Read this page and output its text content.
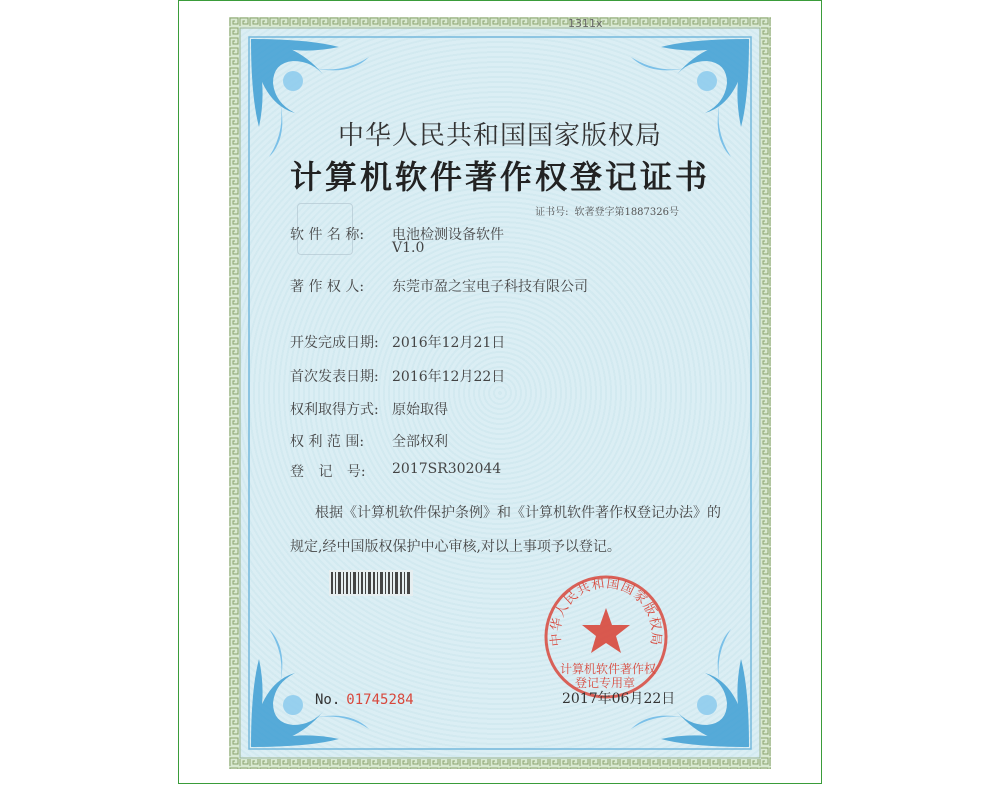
1311x
中华人民共和国国家版权局
计算机软件著作权登记证书
证书号: 软著登字第1887326号
软 件 名 称: 电池检测设备软件
V1.0
著 作 权 人: 东莞市盈之宝电子科技有限公司
开发完成日期: 2016年12月21日
首次发表日期: 2016年12月22日
权利取得方式: 原始取得
权 利 范 围: 全部权利
登 记 号: 2017SR302044
根据《计算机软件保护条例》和《计算机软件著作权登记办法》的
规定,经中国版权保护中心审核,对以上事项予以登记。
中华人民共和国国家版权局
计算机软件著作权
登记专用章
No. 01745284	2017年06月22日
